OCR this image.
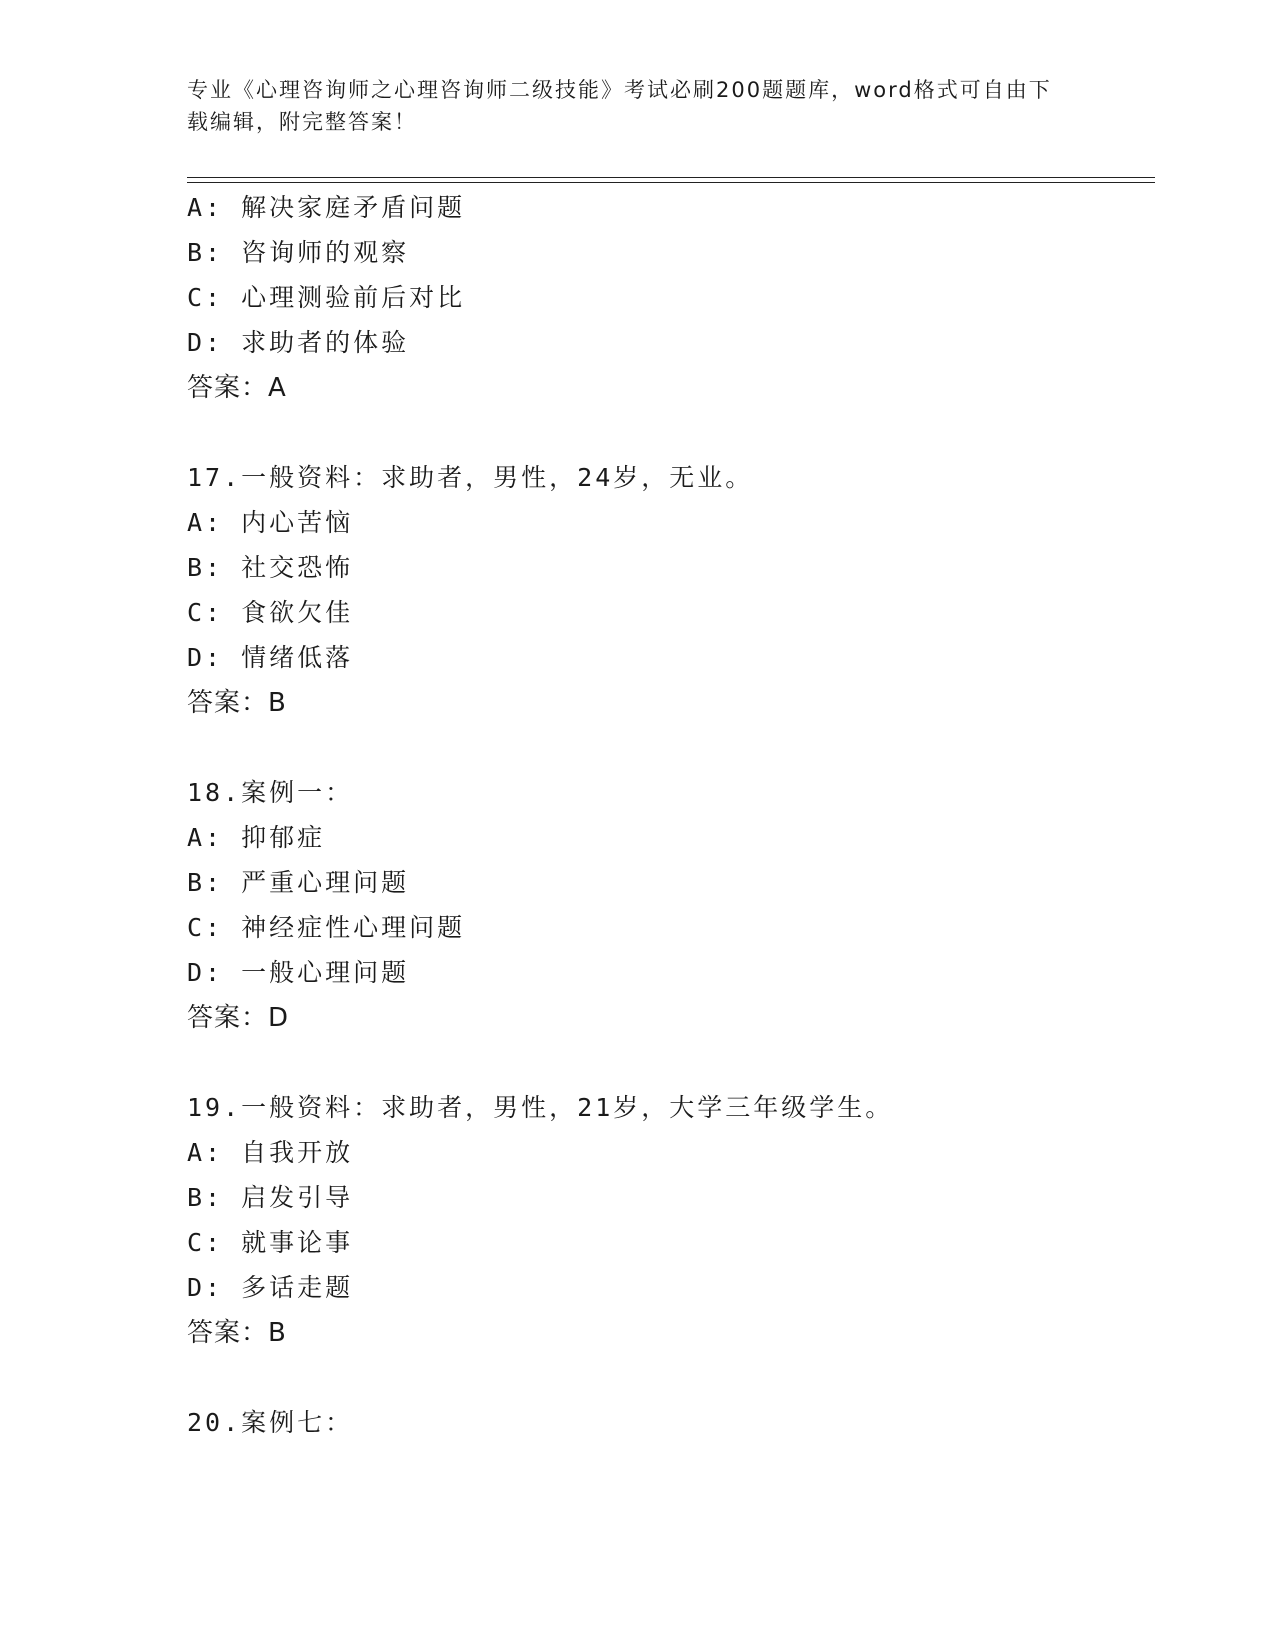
专业《心理咨询师之心理咨询师二级技能》考试必刷200题题库，word格式可自由下载编辑，附完整答案！
A: 解决家庭矛盾问题
B: 咨询师的观察
C: 心理测验前后对比
D: 求助者的体验
答案：A
17.一般资料：求助者，男性，24岁，无业。
A: 内心苦恼
B: 社交恐怖
C: 食欲欠佳
D: 情绪低落
答案：B
18.案例一：
A: 抑郁症
B: 严重心理问题
C: 神经症性心理问题
D: 一般心理问题
答案：D
19.一般资料：求助者，男性，21岁，大学三年级学生。
A: 自我开放
B: 启发引导
C: 就事论事
D: 多话走题
答案：B
20.案例七：
